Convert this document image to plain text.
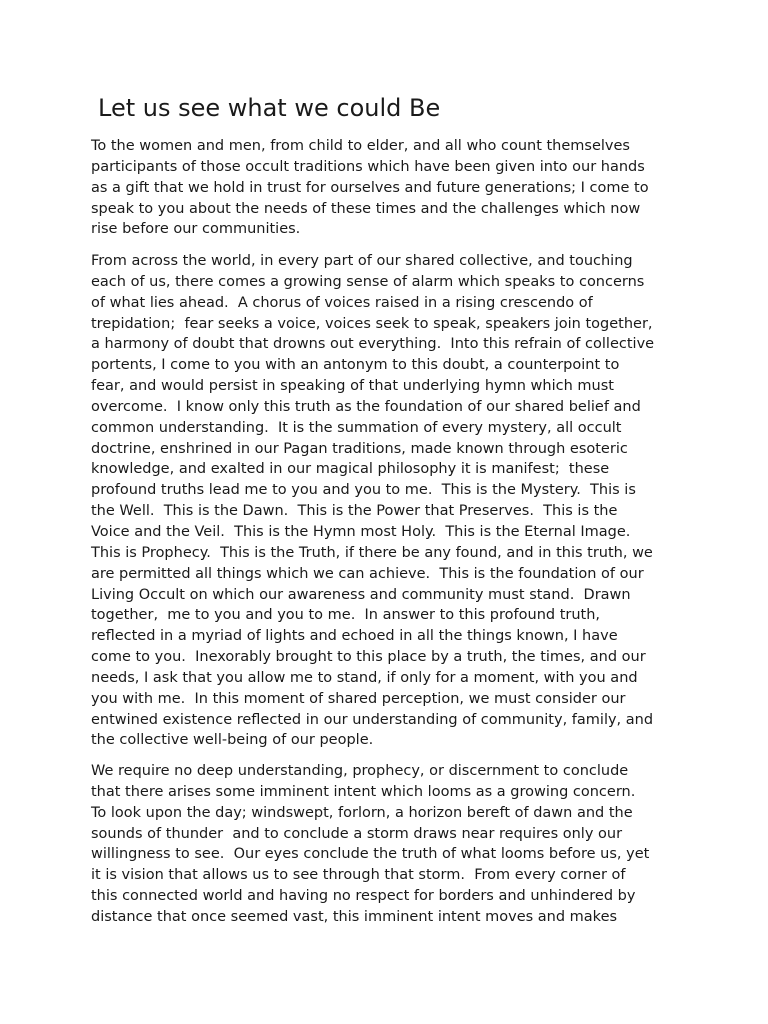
Let us see what we could Be

To the women and men, from child to elder, and all who count themselves
participants of those occult traditions which have been given into our hands
as a gift that we hold in trust for ourselves and future generations; I come to
speak to you about the needs of these times and the challenges which now
rise before our communities.

From across the world, in every part of our shared collective, and touching
each of us, there comes a growing sense of alarm which speaks to concerns
of what lies ahead.  A chorus of voices raised in a rising crescendo of
trepidation;  fear seeks a voice, voices seek to speak, speakers join together,
a harmony of doubt that drowns out everything.  Into this refrain of collective
portents, I come to you with an antonym to this doubt, a counterpoint to
fear, and would persist in speaking of that underlying hymn which must
overcome.  I know only this truth as the foundation of our shared belief and
common understanding.  It is the summation of every mystery, all occult
doctrine, enshrined in our Pagan traditions, made known through esoteric
knowledge, and exalted in our magical philosophy it is manifest;  these
profound truths lead me to you and you to me.  This is the Mystery.  This is
the Well.  This is the Dawn.  This is the Power that Preserves.  This is the
Voice and the Veil.  This is the Hymn most Holy.  This is the Eternal Image.
This is Prophecy.  This is the Truth, if there be any found, and in this truth, we
are permitted all things which we can achieve.  This is the foundation of our
Living Occult on which our awareness and community must stand.  Drawn
together,  me to you and you to me.  In answer to this profound truth,
reflected in a myriad of lights and echoed in all the things known, I have
come to you.  Inexorably brought to this place by a truth, the times, and our
needs, I ask that you allow me to stand, if only for a moment, with you and
you with me.  In this moment of shared perception, we must consider our
entwined existence reflected in our understanding of community, family, and
the collective well-being of our people.

We require no deep understanding, prophecy, or discernment to conclude
that there arises some imminent intent which looms as a growing concern.
To look upon the day; windswept, forlorn, a horizon bereft of dawn and the
sounds of thunder  and to conclude a storm draws near requires only our
willingness to see.  Our eyes conclude the truth of what looms before us, yet
it is vision that allows us to see through that storm.  From every corner of
this connected world and having no respect for borders and unhindered by
distance that once seemed vast, this imminent intent moves and makes
